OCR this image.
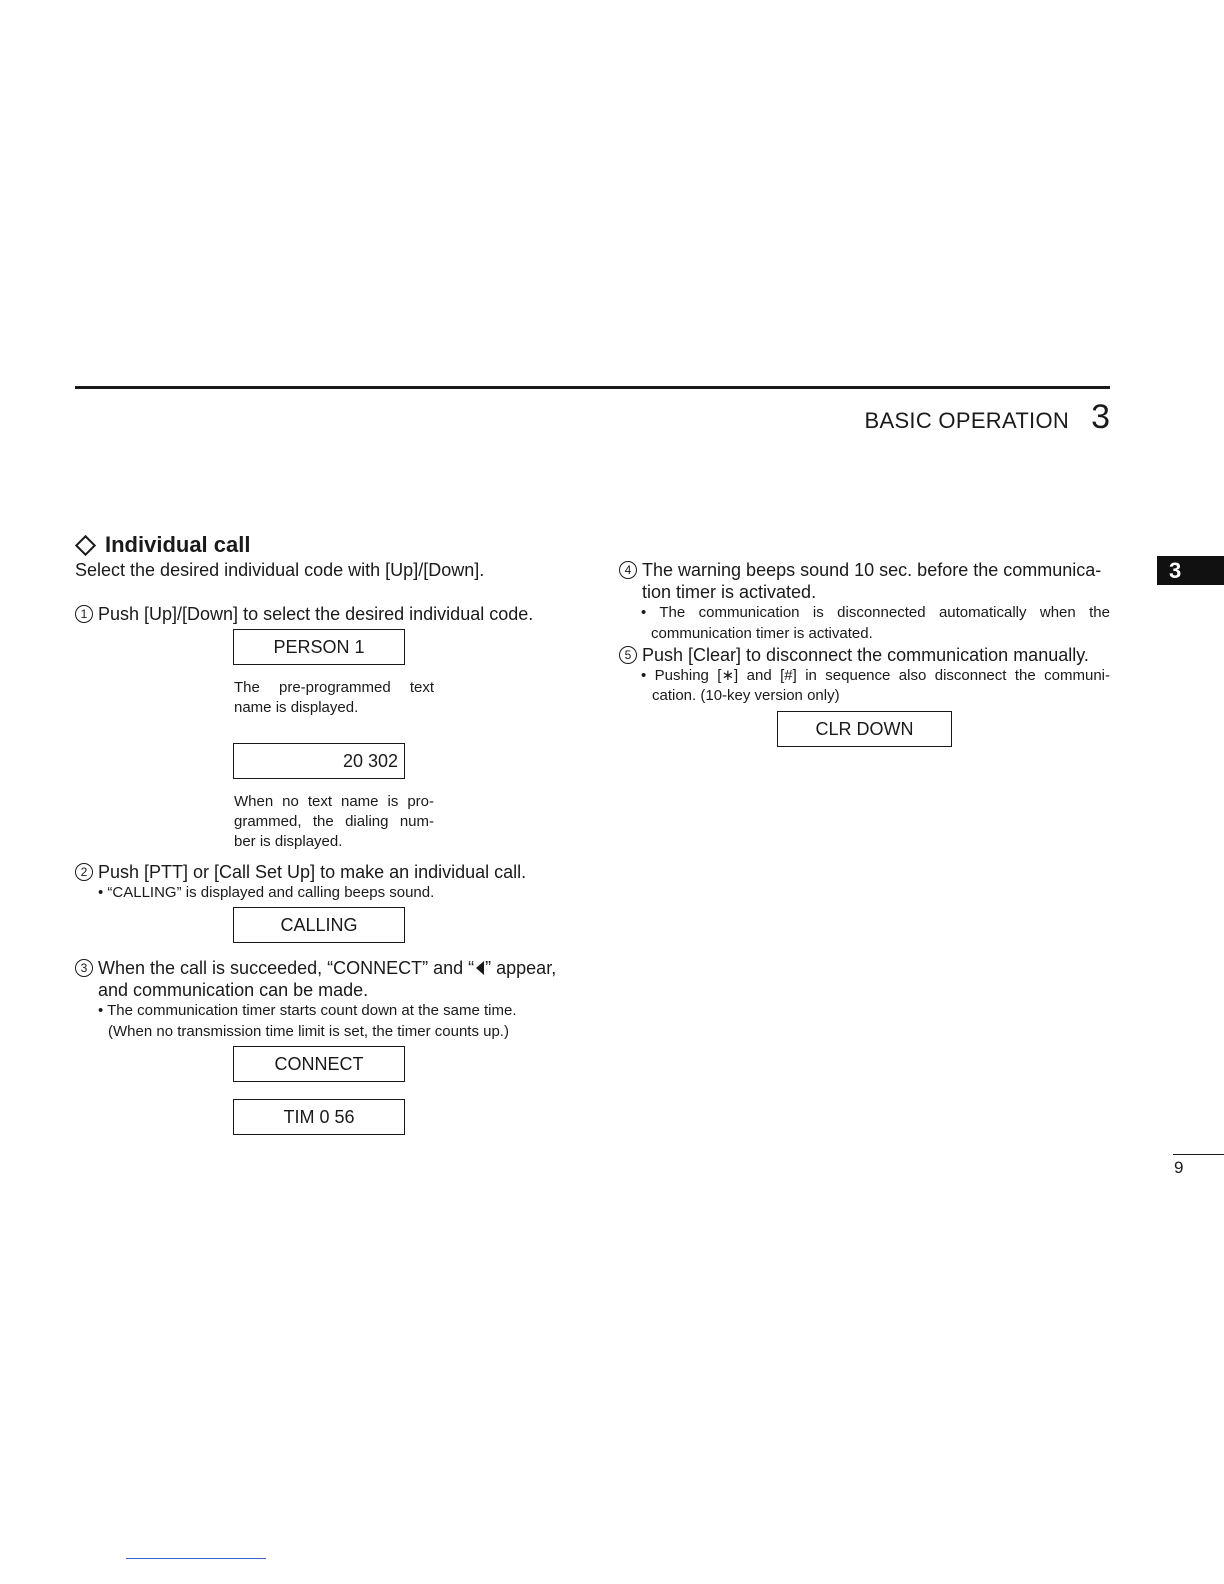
BASIC OPERATION 3
3
Individual call
Select the desired individual code with [Up]/[Down].
1 Push [Up]/[Down] to select the desired individual code.
PERSON 1
The pre-programmed text
name is displayed.
20 302
When no text name is pro-
grammed, the dialing num-
ber is displayed.
2 Push [PTT] or [Call Set Up] to make an individual call.
• “CALLING” is displayed and calling beeps sound.
CALLING
3 When the call is succeeded, “CONNECT” and “ ” appear,
and communication can be made.
• The communication timer starts count down at the same time.
(When no transmission time limit is set, the timer counts up.)
CONNECT
TIM 0 56
4 The warning beeps sound 10 sec. before the communica-
tion timer is activated.
• The communication is disconnected automatically when the
communication timer is activated.
5 Push [Clear] to disconnect the communication manually.
• Pushing [∗] and [#] in sequence also disconnect the communi-
cation. (10-key version only)
CLR DOWN
9
